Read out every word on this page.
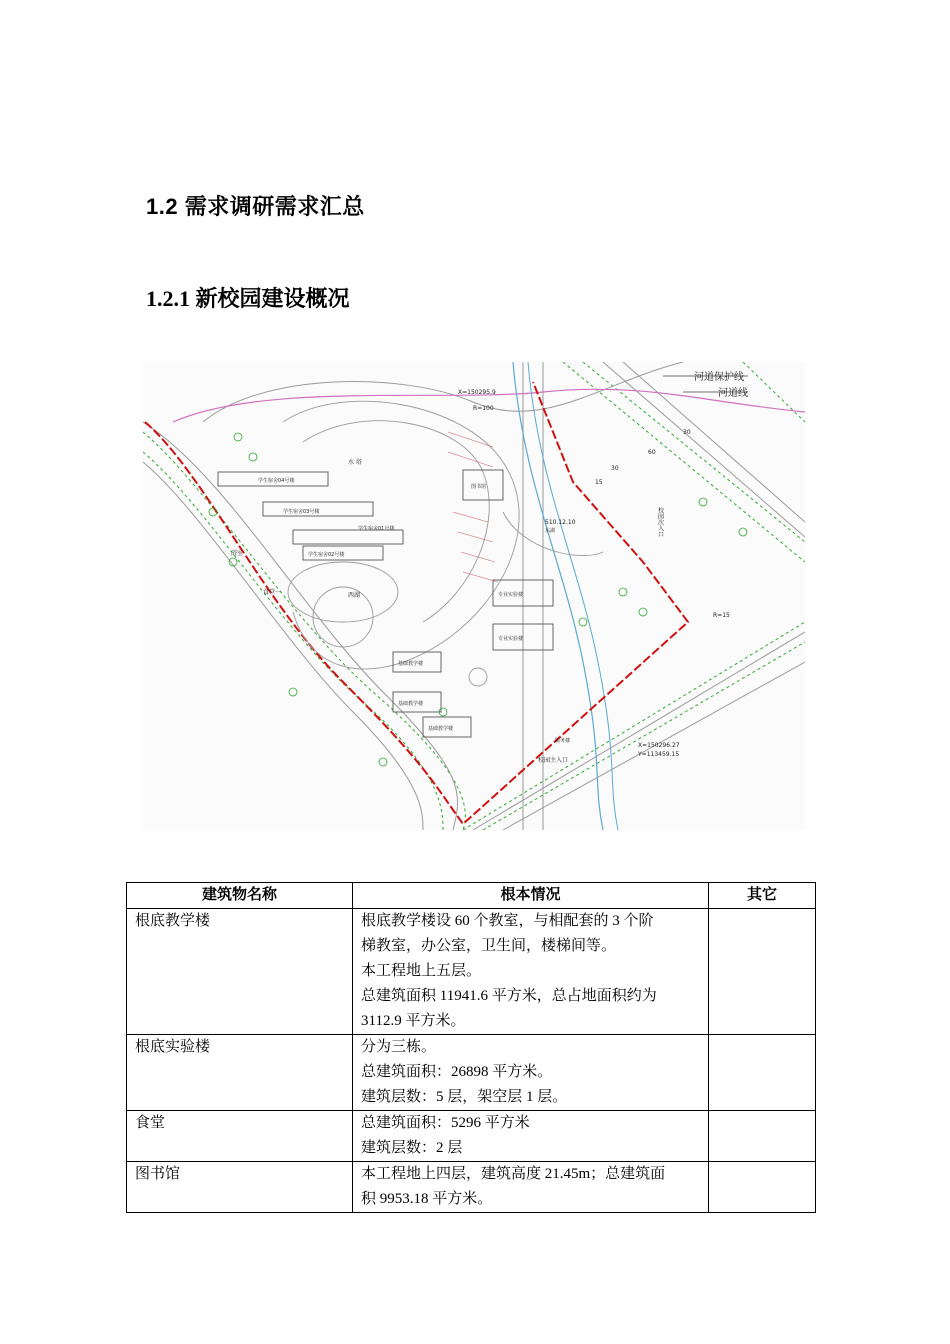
1.2 需求调研需求汇总
1.2.1 新校园建设概况
河道保护线
河道线
水 塔
学生宿舍04号楼
学生宿舍03号楼
学生宿舍01号楼
学生宿舍02号楼
浴室
食堂一	西湖	专业实验楼
专业实验楼
基础教学楼
基础教学楼
基础教学楼
图书馆
校园次入口
校园主入口
服务楼
东湖
R=100
R=15
X=150295.9
X=150296.27
Y=113459.15
510.12.10
30
30
60
15
建筑物名称	根本情况	其它
根底教学楼	根底教学楼设 60 个教室，与相配套的 3 个阶
梯教室，办公室，卫生间，楼梯间等。
本工程地上五层。
总建筑面积 11941.6 平方米，总占地面积约为
3112.9 平方米。	

根底实验楼	分为三栋。
总建筑面积：26898 平方米。
建筑层数：5 层，架空层 1 层。	

食堂	总建筑面积：5296 平方米
建筑层数：2 层	

图书馆	本工程地上四层，建筑高度 21.45m；总建筑面
积 9953.18 平方米。	
